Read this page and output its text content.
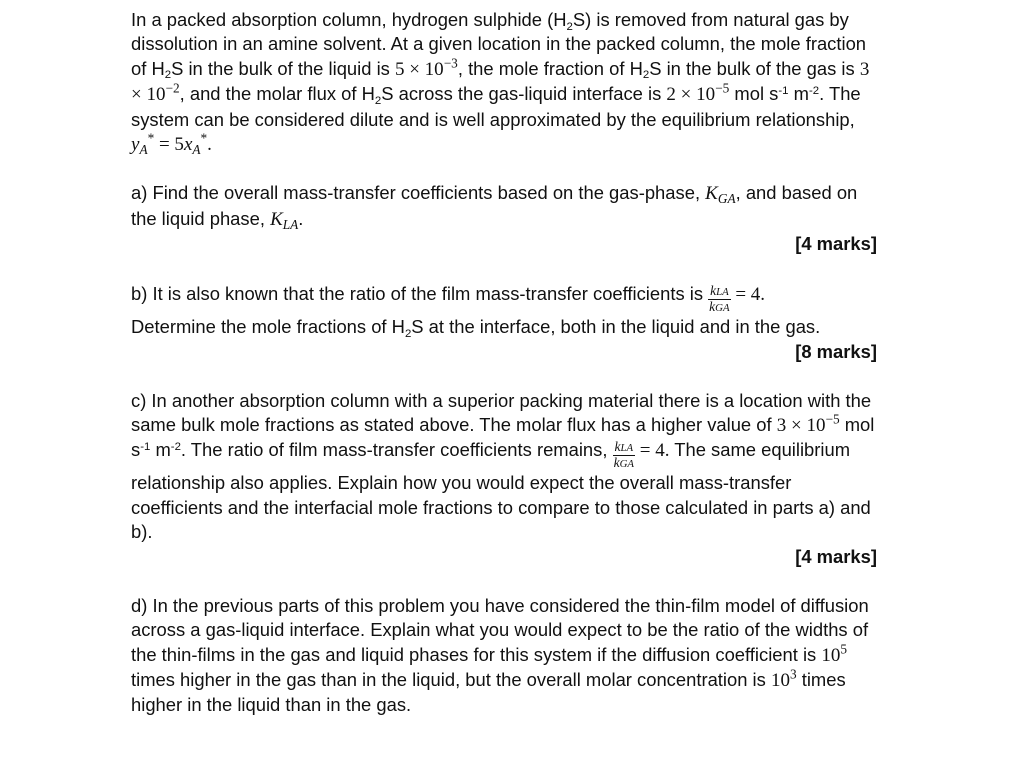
In a packed absorption column, hydrogen sulphide (H2S) is removed from natural gas by dissolution in an amine solvent. At a given location in the packed column, the mole fraction of H2S in the bulk of the liquid is $5 \times 10^{-3}$, the mole fraction of H2S in the bulk of the gas is $3 \times 10^{-2}$, and the molar flux of H2S across the gas-liquid interface is $2 \times 10^{-5}$ mol $s^{-1}$ $m^{-2}$. The system can be considered dilute and is well approximated by the equilibrium relationship, $y_A^* = 5x_A^*$.

a) Find the overall mass-transfer coefficients based on the gas-phase, $K_{GA}$, and based on the liquid phase, $K_{LA}$.

[4 marks]

b) It is also known that the ratio of the film mass-transfer coefficients is $\frac{\text{kLA}}{\text{kGA}} = 4$.
Determine the mole fractions of H2S at the interface, both in the liquid and in the gas.

[8 marks]

c) In another absorption column with a superior packing material there is a location with the same bulk mole fractions as stated above. The molar flux has a higher value of $3 \times 10^{-5}$ mol $s^{-1}$ $m^{-2}$. The ratio of film mass-transfer coefficients remains, $\frac{\text{kLA}}{\text{kGA}} = 4$. The same equilibrium relationship also applies. Explain how you would expect the overall mass-transfer coefficients and the interfacial mole fractions to compare to those calculated in parts a) and b).

[4 marks]

d) In the previous parts of this problem you have considered the thin-film model of diffusion across a gas-liquid interface. Explain what you would expect to be the ratio of the widths of the thin-films in the gas and liquid phases for this system if the diffusion coefficient is $10^5$ times higher in the gas than in the liquid, but the overall molar concentration is $10^3$ times higher in the liquid than in the gas.
